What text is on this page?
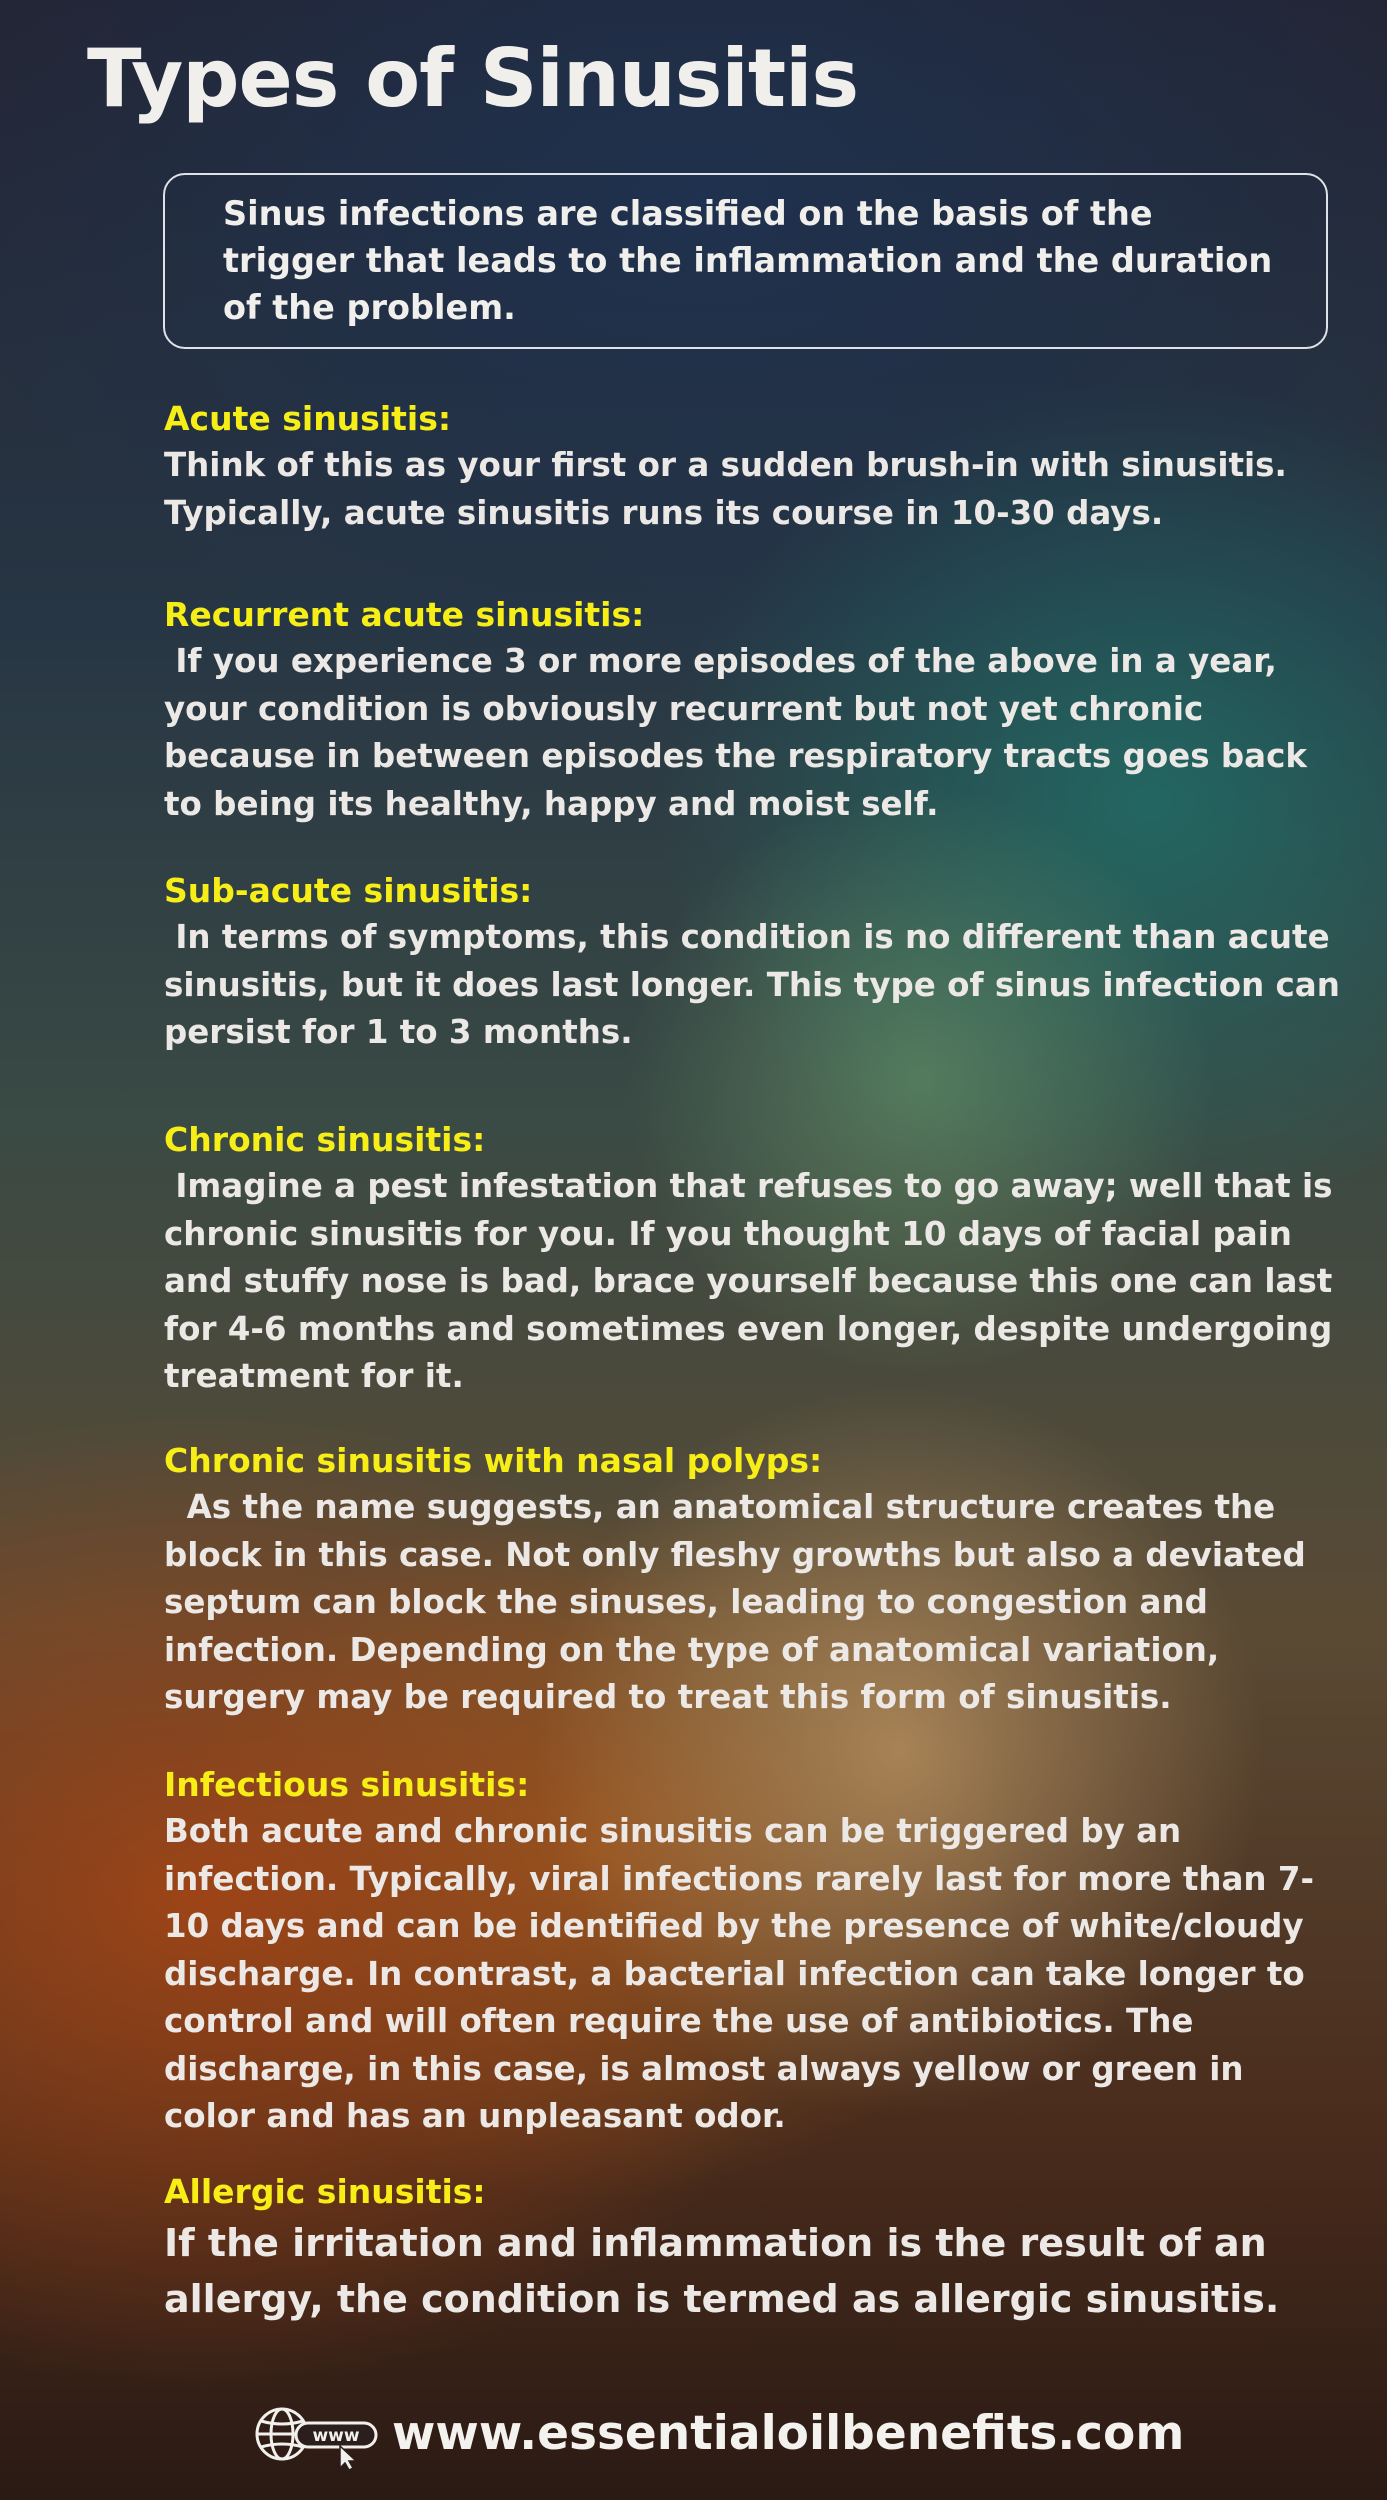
Types of Sinusitis

Sinus infections are classified on the basis of the trigger that leads to the inflammation and the duration of the problem.

Acute sinusitis:

Think of this as your first or a sudden brush-in with sinusitis. Typically, acute sinusitis runs its course in 10-30 days.

Recurrent acute sinusitis:

If you experience 3 or more episodes of the above in a year, your condition is obviously recurrent but not yet chronic because in between episodes the respiratory tracts goes back to being its healthy, happy and moist self.

Sub-acute sinusitis:

In terms of symptoms, this condition is no different than acute sinusitis, but it does last longer. This type of sinus infection can persist for 1 to 3 months.

Chronic sinusitis:

Imagine a pest infestation that refuses to go away; well that is chronic sinusitis for you. If you thought 10 days of facial pain and stuffy nose is bad, brace yourself because this one can last for 4-6 months and sometimes even longer, despite undergoing treatment for it.

Chronic sinusitis with nasal polyps:

As the name suggests, an anatomical structure creates the block in this case. Not only fleshy growths but also a deviated septum can block the sinuses, leading to congestion and infection. Depending on the type of anatomical variation, surgery may be required to treat this form of sinusitis.

Infectious sinusitis:

Both acute and chronic sinusitis can be triggered by an infection. Typically, viral infections rarely last for more than 7-10 days and can be identified by the presence of white/cloudy discharge. In contrast, a bacterial infection can take longer to control and will often require the use of antibiotics. The discharge, in this case, is almost always yellow or green in color and has an unpleasant odor.

Allergic sinusitis:

If the irritation and inflammation is the result of an allergy, the condition is termed as allergic sinusitis.

www www.essentialoilbenefits.com
